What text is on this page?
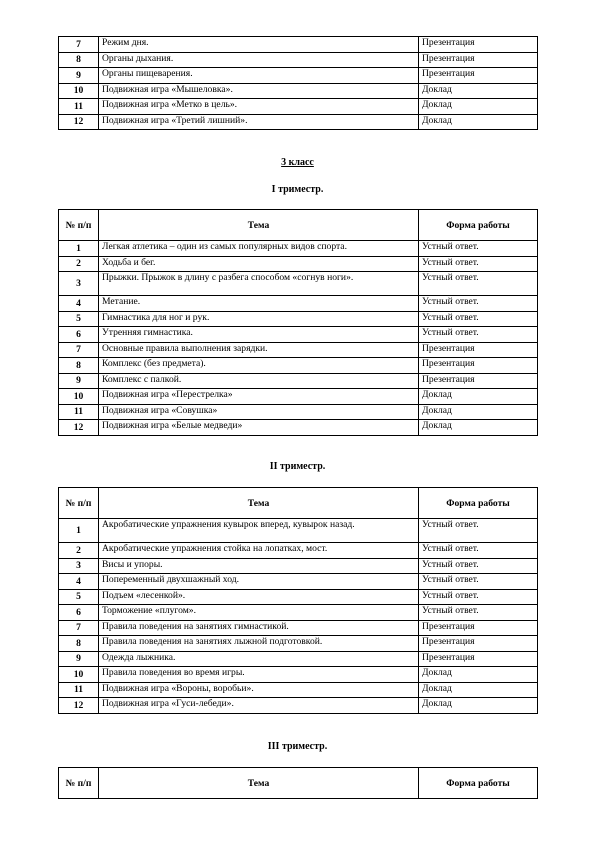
7	Режим дня.	Презентация
8	Органы дыхания.	Презентация
9	Органы пищеварения.	Презентация
10	Подвижная игра «Мышеловка».	Доклад
11	Подвижная игра «Метко в цель».	Доклад
12	Подвижная игра «Третий лишний».	Доклад
3 класс
I триместр.
№ п/п	Тема	Форма работы
1	Легкая атлетика – один из самых популярных видов спорта.	Устный ответ.
2	Ходьба и бег.	Устный ответ.
3	Прыжки. Прыжок в длину с разбега способом «согнув ноги».	Устный ответ.
4	Метание.	Устный ответ.
5	Гимнастика для ног и рук.	Устный ответ.
6	Утренняя гимнастика.	Устный ответ.
7	Основные правила выполнения зарядки.	Презентация
8	Комплекс (без предмета).	Презентация
9	Комплекс с палкой.	Презентация
10	Подвижная игра «Перестрелка»	Доклад
11	Подвижная игра «Совушка»	Доклад
12	Подвижная игра «Белые медведи»	Доклад
II триместр.
№ п/п	Тема	Форма работы
1	Акробатические упражнения кувырок вперед, кувырок назад.	Устный ответ.
2	Акробатические упражнения стойка на лопатках, мост.	Устный ответ.
3	Висы и упоры.	Устный ответ.
4	Попеременный двухшажный ход.	Устный ответ.
5	Подъем «лесенкой».	Устный ответ.
6	Торможение «плугом».	Устный ответ.
7	Правила поведения на занятиях гимнастикой.	Презентация
8	Правила поведения на занятиях лыжной подготовкой.	Презентация
9	Одежда лыжника.	Презентация
10	Правила поведения во время игры.	Доклад
11	Подвижная игра «Вороны, воробьи».	Доклад
12	Подвижная игра «Гуси-лебеди».	Доклад
III триместр.
№ п/п	Тема	Форма работы
